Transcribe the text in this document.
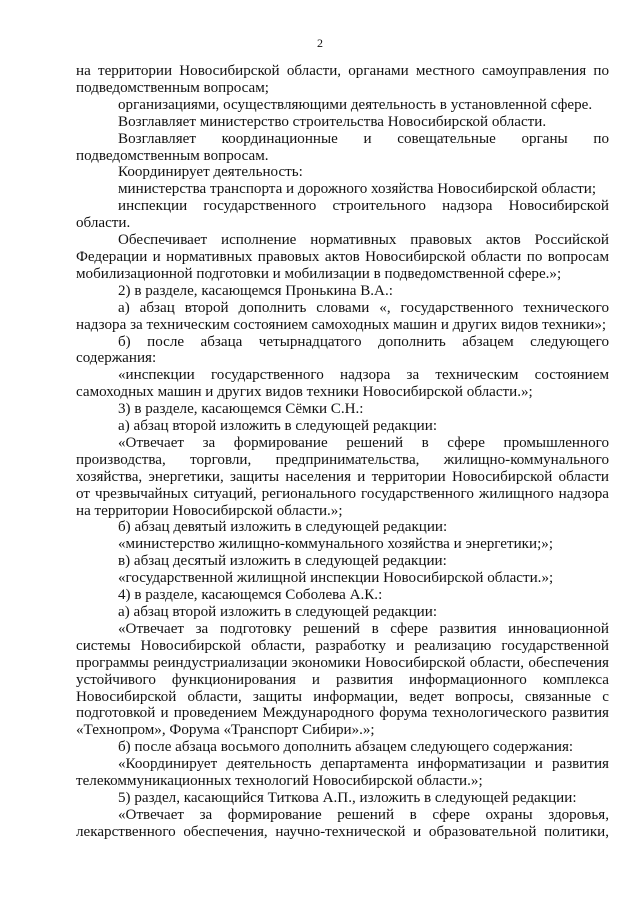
2

на территории Новосибирской области, органами местного самоуправления по подведомственным вопросам;

организациями, осуществляющими деятельность в установленной сфере.

Возглавляет министерство строительства Новосибирской области.

Возглавляет координационные и совещательные органы по подведомственным вопросам.

Координирует деятельность:

министерства транспорта и дорожного хозяйства Новосибирской области;

инспекции государственного строительного надзора Новосибирской области.

Обеспечивает исполнение нормативных правовых актов Российской Федерации и нормативных правовых актов Новосибирской области по вопросам мобилизационной подготовки и мобилизации в подведомственной сфере.»;

2) в разделе, касающемся Пронькина В.А.:

а) абзац второй дополнить словами «, государственного технического надзора за техническим состоянием самоходных машин и других видов техники»;

б) после абзаца четырнадцатого дополнить абзацем следующего содержания:

«инспекции государственного надзора за техническим состоянием самоходных машин и других видов техники Новосибирской области.»;

3) в разделе, касающемся Сёмки С.Н.:

а) абзац второй изложить в следующей редакции:

«Отвечает за формирование решений в сфере промышленного производства, торговли, предпринимательства, жилищно-коммунального хозяйства, энергетики, защиты населения и территории Новосибирской области от чрезвычайных ситуаций, регионального государственного жилищного надзора на территории Новосибирской области.»;

б) абзац девятый изложить в следующей редакции:

«министерство жилищно-коммунального хозяйства и энергетики;»;

в) абзац десятый изложить в следующей редакции:

«государственной жилищной инспекции Новосибирской области.»;

4) в разделе, касающемся Соболева А.К.:

а) абзац второй изложить в следующей редакции:

«Отвечает за подготовку решений в сфере развития инновационной системы Новосибирской области, разработку и реализацию государственной программы реиндустриализации экономики Новосибирской области, обеспечения устойчивого функционирования и развития информационного комплекса Новосибирской области, защиты информации, ведет вопросы, связанные с подготовкой и проведением Международного форума технологического развития «Технопром», Форума «Транспорт Сибири».»;

б) после абзаца восьмого дополнить абзацем следующего содержания:

«Координирует деятельность департамента информатизации и развития телекоммуникационных технологий Новосибирской области.»;

5) раздел, касающийся Титкова А.П., изложить в следующей редакции:

«Отвечает за формирование решений в сфере охраны здоровья, лекарственного обеспечения, научно-технической и образовательной политики,
